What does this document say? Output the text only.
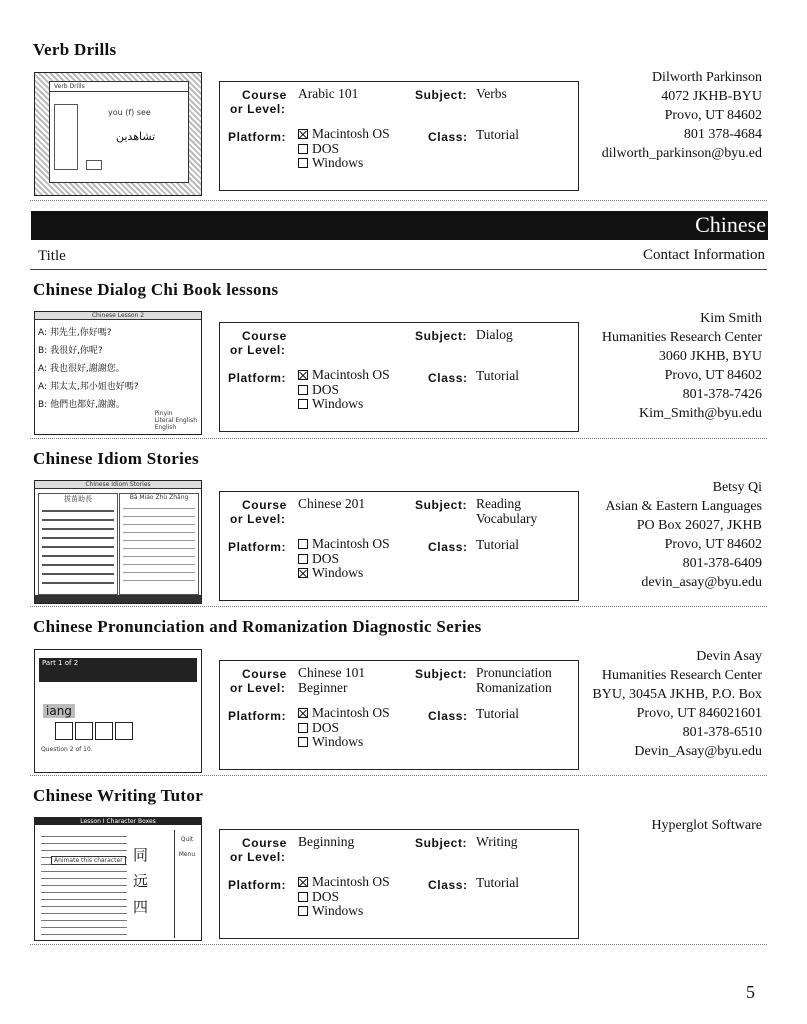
Verb Drills
Verb Drills
you (f) see
تشاهدين
Course
or Level:
Arabic 101	Subject: Verbs
Platform:	Macintosh OS
DOS
Windows
Class: Tutorial
Dilworth Parkinson
4072 JKHB-BYU
Provo, UT 84602
801 378-4684
dilworth_parkinson@byu.ed
Chinese
Title	Contact Information
Chinese Dialog Chi Book lessons
Chinese Lesson 2
A: 邦先生,你好嗎?
B: 我很好,你呢?
A: 我也很好,謝謝您。
A: 邦太太,邦小姐也好嗎?
B: 他們也都好,謝謝。
Pinyin
Literal English
English
Course
or Level:
Subject: Dialog
Platform:	Macintosh OS
DOS
Windows
Class: Tutorial
Kim Smith
Humanities Research Center
3060 JKHB, BYU
Provo, UT 84602
801-378-7426
Kim_Smith@byu.edu
Chinese Idiom Stories
Chinese Idiom Stories
拔苗助長	Bá Miáo Zhù Zhǎng
Course
or Level:
Chinese 201	Subject: Reading
Vocabulary
Platform:	Macintosh OS
DOS
Windows
Class: Tutorial
Betsy Qi
Asian & Eastern Languages
PO Box 26027, JKHB
Provo, UT 84602
801-378-6409
devin_asay@byu.edu
Chinese Pronunciation and Romanization Diagnostic Series
Part 1 of 2
iang
Question 2 of 10.
Course
or Level:
Chinese 101
Beginner
Subject: Pronunciation
Romanization
Platform:	Macintosh OS
DOS
Windows
Class: Tutorial
Devin Asay
Humanities Research Center
BYU, 3045A JKHB, P.O. Box
Provo, UT 846021601
801-378-6510
Devin_Asay@byu.edu
Chinese Writing Tutor
Lesson I Character Boxes
Animate this character 同
远
四
Quit
Menu
Course
or Level:
Beginning	Subject: Writing
Platform:	Macintosh OS
DOS
Windows
Class: Tutorial
Hyperglot Software
5
